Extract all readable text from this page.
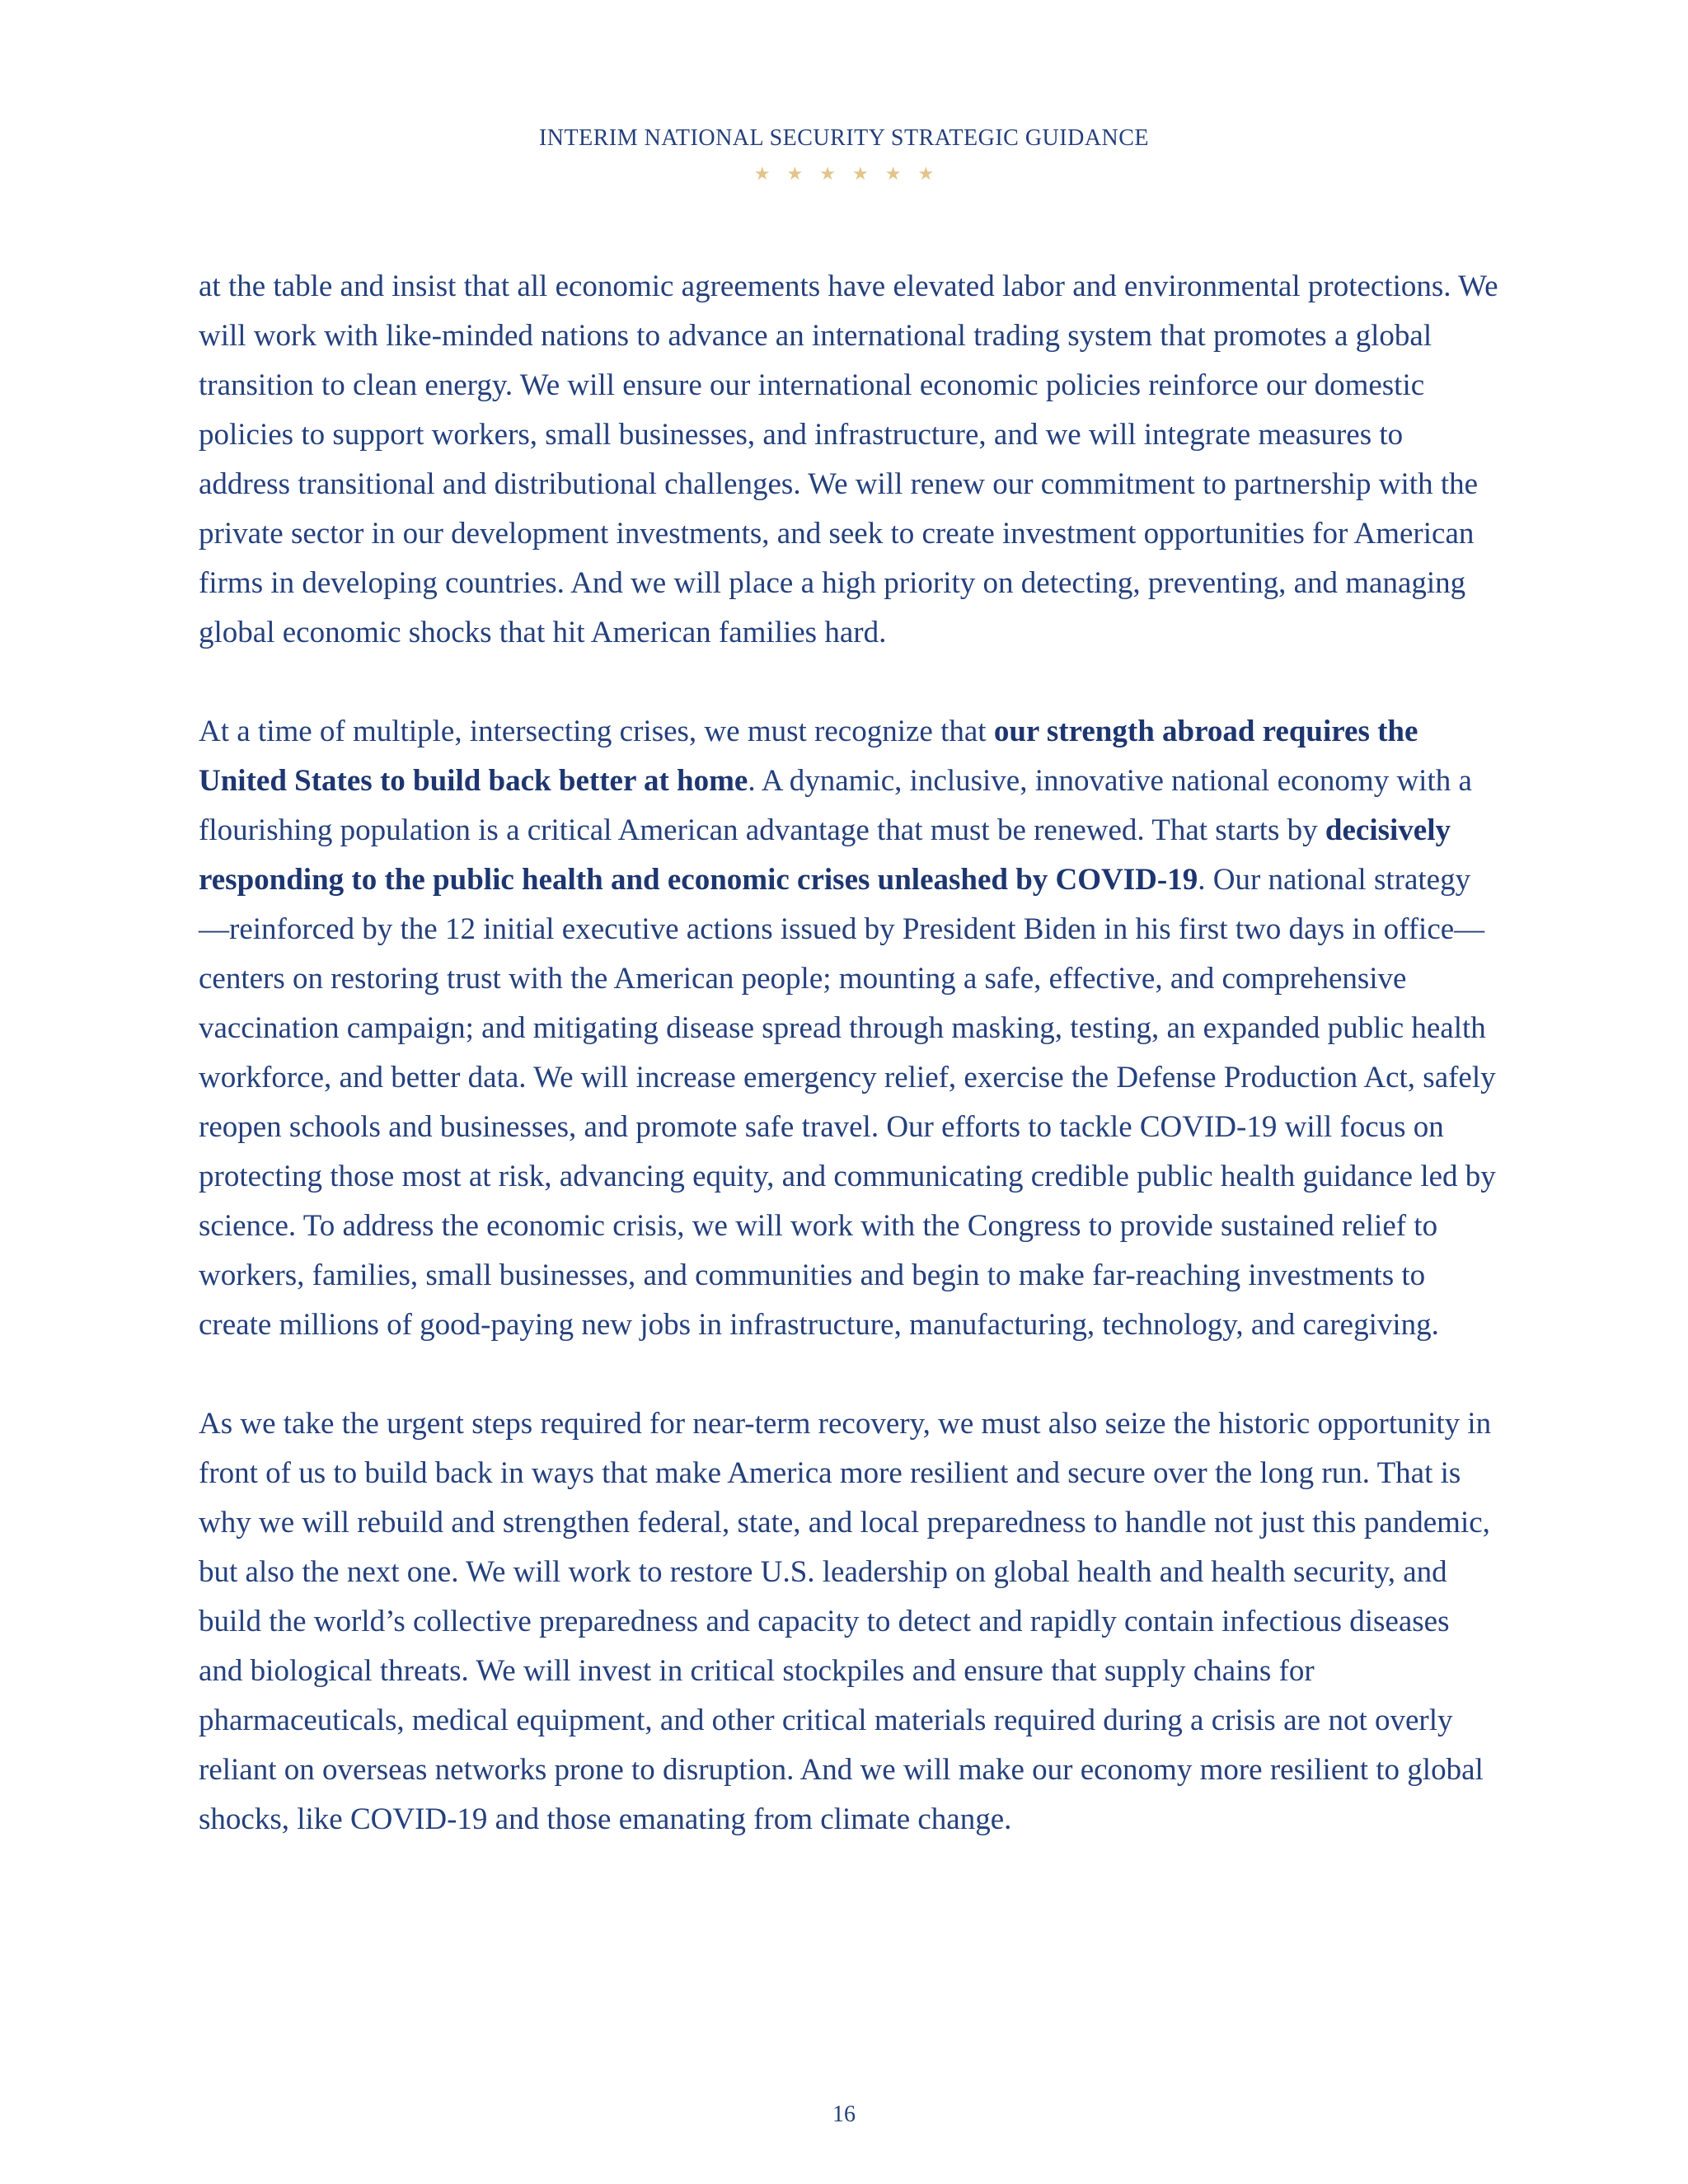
INTERIM NATIONAL SECURITY STRATEGIC GUIDANCE
★★★★★★

at the table and insist that all economic agreements have elevated labor and environmental protections. We will work with like-minded nations to advance an international trading system that promotes a global transition to clean energy. We will ensure our international economic policies reinforce our domestic policies to support workers, small businesses, and infrastructure, and we will integrate measures to address transitional and distributional challenges. We will renew our commitment to partnership with the private sector in our development investments, and seek to create investment opportunities for American firms in developing countries. And we will place a high priority on detecting, preventing, and managing global economic shocks that hit American families hard.

At a time of multiple, intersecting crises, we must recognize that our strength abroad requires the United States to build back better at home. A dynamic, inclusive, innovative national economy with a flourishing population is a critical American advantage that must be renewed. That starts by decisively responding to the public health and economic crises unleashed by COVID-19. Our national strategy—reinforced by the 12 initial executive actions issued by President Biden in his first two days in office—centers on restoring trust with the American people; mounting a safe, effective, and comprehensive vaccination campaign; and mitigating disease spread through masking, testing, an expanded public health workforce, and better data. We will increase emergency relief, exercise the Defense Production Act, safely reopen schools and businesses, and promote safe travel. Our efforts to tackle COVID-19 will focus on protecting those most at risk, advancing equity, and communicating credible public health guidance led by science. To address the economic crisis, we will work with the Congress to provide sustained relief to workers, families, small businesses, and communities and begin to make far-reaching investments to create millions of good-paying new jobs in infrastructure, manufacturing, technology, and caregiving.

As we take the urgent steps required for near-term recovery, we must also seize the historic opportunity in front of us to build back in ways that make America more resilient and secure over the long run. That is why we will rebuild and strengthen federal, state, and local preparedness to handle not just this pandemic, but also the next one. We will work to restore U.S. leadership on global health and health security, and build the world’s collective preparedness and capacity to detect and rapidly contain infectious diseases and biological threats. We will invest in critical stockpiles and ensure that supply chains for pharmaceuticals, medical equipment, and other critical materials required during a crisis are not overly reliant on overseas networks prone to disruption. And we will make our economy more resilient to global shocks, like COVID-19 and those emanating from climate change.

16
